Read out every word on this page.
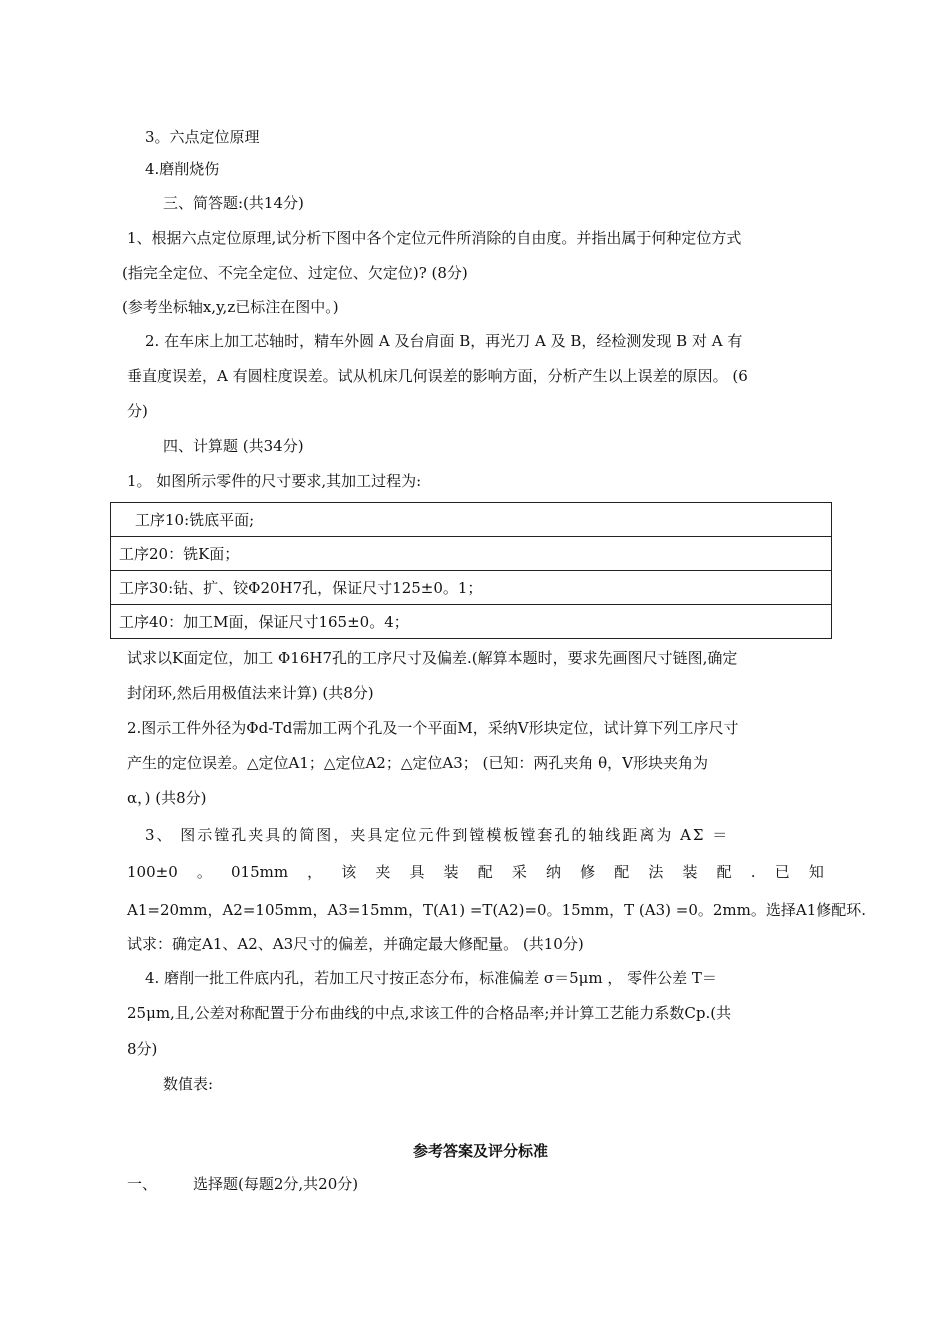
3。六点定位原理
4.磨削烧伤
三、简答题:(共14分)
1、根据六点定位原理,试分析下图中各个定位元件所消除的自由度。并指出属于何种定位方式
(指完全定位、不完全定位、过定位、欠定位)? (8分)
(参考坐标轴x,y,z已标注在图中。)
2. 在车床上加工芯轴时，精车外圆 A 及台肩面 B，再光刀 A 及 B，经检测发现 B 对 A 有
垂直度误差，A 有圆柱度误差。试从机床几何误差的影响方面，分析产生以上误差的原因。 (6
分)
四、计算题 (共34分)
1。 如图所示零件的尺寸要求,其加工过程为:
工序10:铣底平面;
工序20：铣K面；
工序30:钻、扩、铰Φ20H7孔，保证尺寸125±0。1；
工序40：加工M面，保证尺寸165±0。4；
试求以K面定位，加工 Φ16H7孔的工序尺寸及偏差.(解算本题时，要求先画图尺寸链图,确定
封闭环,然后用极值法来计算) (共8分)
2.图示工件外径为Φd-Td需加工两个孔及一个平面M，采纳V形块定位，试计算下列工序尺寸
产生的定位误差。△定位A1；△定位A2；△定位A3； (已知：两孔夹角 θ，V形块夹角为
α，) (共8分)
3、 图示镗孔夹具的简图，夹具定位元件到镗模板镗套孔的轴线距离为 AΣ ＝
100±0 。 015mm ， 该 夹 具 装 配 采 纳 修 配 法 装 配 . 已 知
A1=20mm，A2=105mm，A3=15mm，T(A1) =T(A2)=0。15mm，T (A3) =0。2mm。选择A1修配环.
试求：确定A1、A2、A3尺寸的偏差，并确定最大修配量。 (共10分)
4. 磨削一批工件底内孔，若加工尺寸按正态分布，标准偏差 σ＝5μm ， 零件公差 T＝
25μm,且,公差对称配置于分布曲线的中点,求该工件的合格品率;并计算工艺能力系数Cp.(共
8分)
数值表:
参考答案及评分标准
一、 选择题(每题2分,共20分)
